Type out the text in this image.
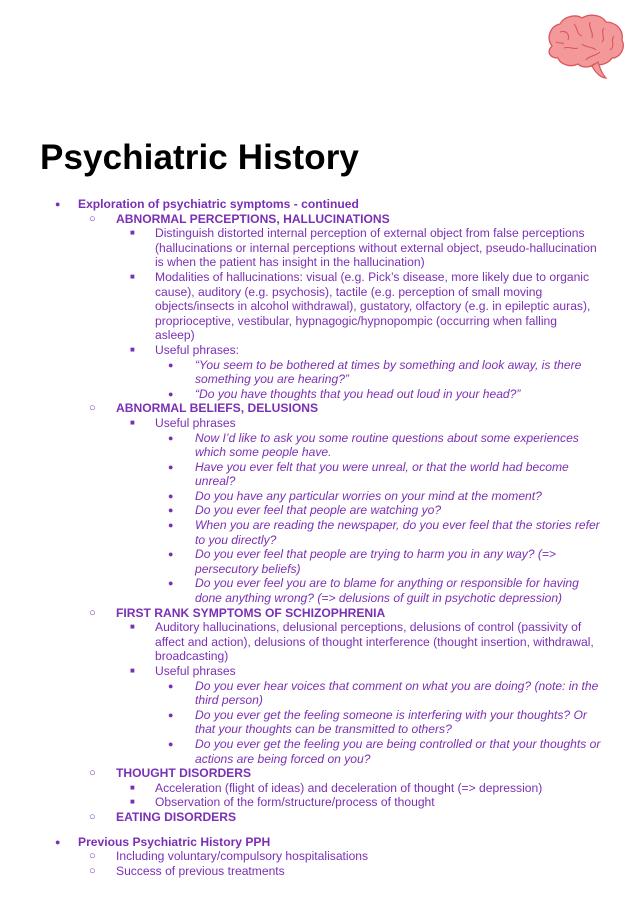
Psychiatric History
● Exploration of psychiatric symptoms - continued
○ ABNORMAL PERCEPTIONS, HALLUCINATIONS
■ Distinguish distorted internal perception of external object from false perceptions (hallucinations or internal perceptions without external object, pseudo-hallucination is when the patient has insight in the hallucination)
■ Modalities of hallucinations: visual (e.g. Pick’s disease, more likely due to organic cause), auditory (e.g. psychosis), tactile (e.g. perception of small moving objects/insects in alcohol withdrawal), gustatory, olfactory (e.g. in epileptic auras), proprioceptive, vestibular, hypnagogic/hypnopompic (occurring when falling asleep)
■ Useful phrases:
● “You seem to be bothered at times by something and look away, is there something you are hearing?”
● “Do you have thoughts that you head out loud in your head?”
○ ABNORMAL BELIEFS, DELUSIONS
■ Useful phrases
● Now I’d like to ask you some routine questions about some experiences which some people have.
● Have you ever felt that you were unreal, or that the world had become unreal?
● Do you have any particular worries on your mind at the moment?
● Do you ever feel that people are watching yo?
● When you are reading the newspaper, do you ever feel that the stories refer to you directly?
● Do you ever feel that people are trying to harm you in any way? (=> persecutory beliefs)
● Do you ever feel you are to blame for anything or responsible for having done anything wrong? (=> delusions of guilt in psychotic depression)
○ FIRST RANK SYMPTOMS OF SCHIZOPHRENIA
■ Auditory hallucinations, delusional perceptions, delusions of control (passivity of affect and action), delusions of thought interference (thought insertion, withdrawal, broadcasting)
■ Useful phrases
● Do you ever hear voices that comment on what you are doing? (note: in the third person)
● Do you ever get the feeling someone is interfering with your thoughts? Or that your thoughts can be transmitted to others?
● Do you ever get the feeling you are being controlled or that your thoughts or actions are being forced on you?
○ THOUGHT DISORDERS
■ Acceleration (flight of ideas) and deceleration of thought (=> depression)
■ Observation of the form/structure/process of thought
○ EATING DISORDERS
● Previous Psychiatric History PPH
○ Including voluntary/compulsory hospitalisations
○ Success of previous treatments
